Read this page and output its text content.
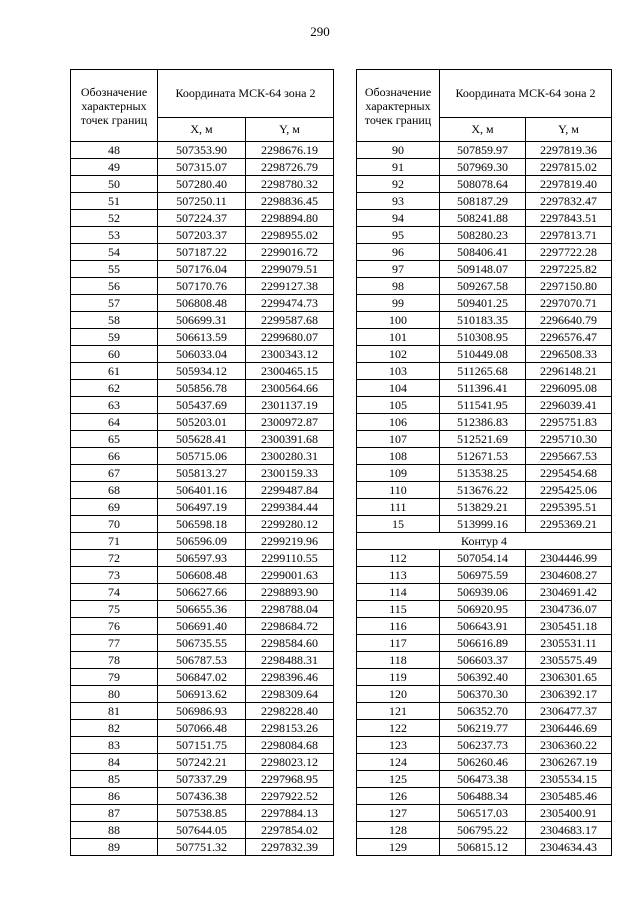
290
Обозначение характерных точек границ	Координата МСК-64 зона 2	
	X, м	Y, м
48	507353.90	2298676.19
49	507315.07	2298726.79
50	507280.40	2298780.32
51	507250.11	2298836.45
52	507224.37	2298894.80
53	507203.37	2298955.02
54	507187.22	2299016.72
55	507176.04	2299079.51
56	507170.76	2299127.38
57	506808.48	2299474.73
58	506699.31	2299587.68
59	506613.59	2299680.07
60	506033.04	2300343.12
61	505934.12	2300465.15
62	505856.78	2300564.66
63	505437.69	2301137.19
64	505203.01	2300972.87
65	505628.41	2300391.68
66	505715.06	2300280.31
67	505813.27	2300159.33
68	506401.16	2299487.84
69	506497.19	2299384.44
70	506598.18	2299280.12
71	506596.09	2299219.96
72	506597.93	2299110.55
73	506608.48	2299001.63
74	506627.66	2298893.90
75	506655.36	2298788.04
76	506691.40	2298684.72
77	506735.55	2298584.60
78	506787.53	2298488.31
79	506847.02	2298396.46
80	506913.62	2298309.64
81	506986.93	2298228.40
82	507066.48	2298153.26
83	507151.75	2298084.68
84	507242.21	2298023.12
85	507337.29	2297968.95
86	507436.38	2297922.52
87	507538.85	2297884.13
88	507644.05	2297854.02
89	507751.32	2297832.39
Обозначение характерных точек границ	Координата МСК-64 зона 2	
	X, м	Y, м
90	507859.97	2297819.36
91	507969.30	2297815.02
92	508078.64	2297819.40
93	508187.29	2297832.47
94	508241.88	2297843.51
95	508280.23	2297813.71
96	508406.41	2297722.28
97	509148.07	2297225.82
98	509267.58	2297150.80
99	509401.25	2297070.71
100	510183.35	2296640.79
101	510308.95	2296576.47
102	510449.08	2296508.33
103	511265.68	2296148.21
104	511396.41	2296095.08
105	511541.95	2296039.41
106	512386.83	2295751.83
107	512521.69	2295710.30
108	512671.53	2295667.53
109	513538.25	2295454.68
110	513676.22	2295425.06
111	513829.21	2295395.51
15	513999.16	2295369.21
Контур 4		
112	507054.14	2304446.99
113	506975.59	2304608.27
114	506939.06	2304691.42
115	506920.95	2304736.07
116	506643.91	2305451.18
117	506616.89	2305531.11
118	506603.37	2305575.49
119	506392.40	2306301.65
120	506370.30	2306392.17
121	506352.70	2306477.37
122	506219.77	2306446.69
123	506237.73	2306360.22
124	506260.46	2306267.19
125	506473.38	2305534.15
126	506488.34	2305485.46
127	506517.03	2305400.91
128	506795.22	2304683.17
129	506815.12	2304634.43
